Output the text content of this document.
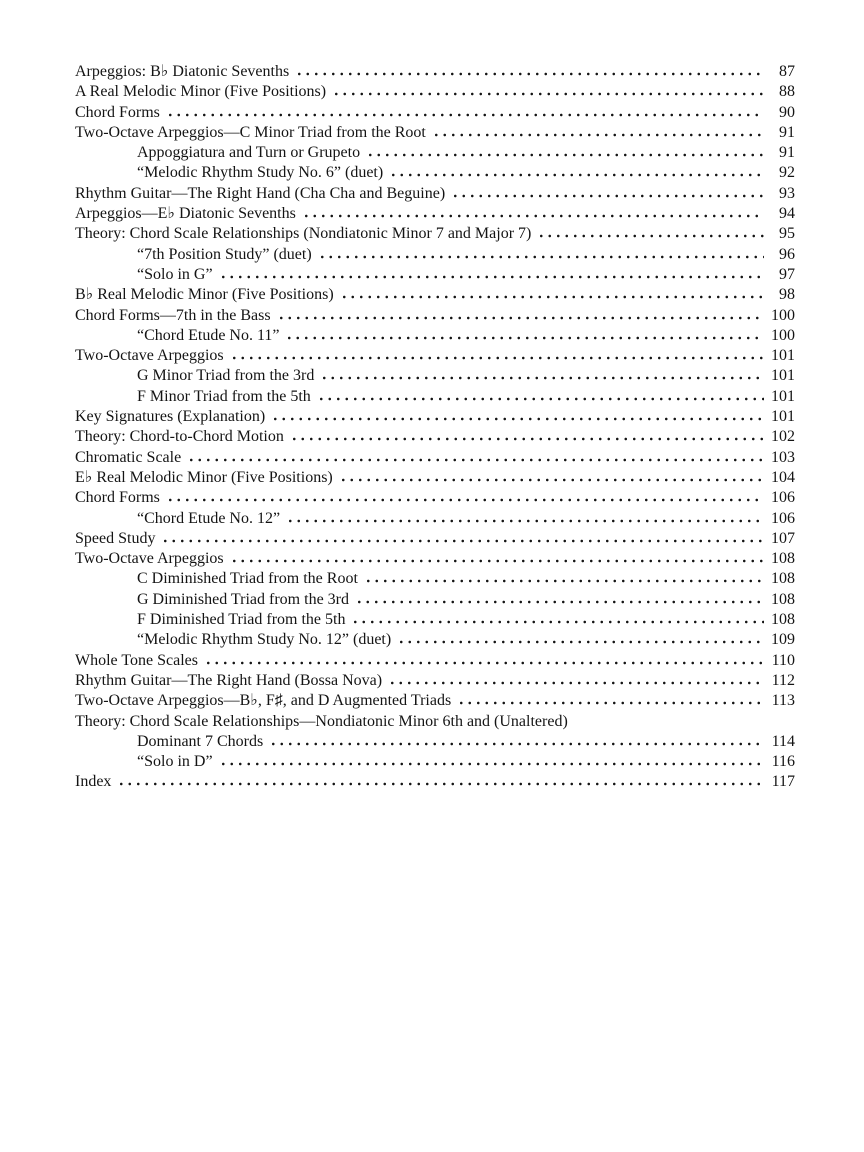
Arpeggios: B♭ Diatonic Sevenths	87
A Real Melodic Minor (Five Positions)	88
Chord Forms	90
Two-Octave Arpeggios—C Minor Triad from the Root	91
Appoggiatura and Turn or Grupeto	91
“Melodic Rhythm Study No. 6” (duet)	92
Rhythm Guitar—The Right Hand (Cha Cha and Beguine)	93
Arpeggios—E♭ Diatonic Sevenths	94
Theory: Chord Scale Relationships (Nondiatonic Minor 7 and Major 7)	95
“7th Position Study” (duet)	96
“Solo in G”	97
B♭ Real Melodic Minor (Five Positions)	98
Chord Forms—7th in the Bass	100
“Chord Etude No. 11”	100
Two-Octave Arpeggios	101
G Minor Triad from the 3rd	101
F Minor Triad from the 5th	101
Key Signatures (Explanation)	101
Theory: Chord-to-Chord Motion	102
Chromatic Scale	103
E♭ Real Melodic Minor (Five Positions)	104
Chord Forms	106
“Chord Etude No. 12”	106
Speed Study	107
Two-Octave Arpeggios	108
C Diminished Triad from the Root	108
G Diminished Triad from the 3rd	108
F Diminished Triad from the 5th	108
“Melodic Rhythm Study No. 12” (duet)	109
Whole Tone Scales	110
Rhythm Guitar—The Right Hand (Bossa Nova)	112
Two-Octave Arpeggios—B♭, F♯, and D Augmented Triads	113
Theory: Chord Scale Relationships—Nondiatonic Minor 6th and (Unaltered)
Dominant 7 Chords	114
“Solo in D”	116
Index	117
